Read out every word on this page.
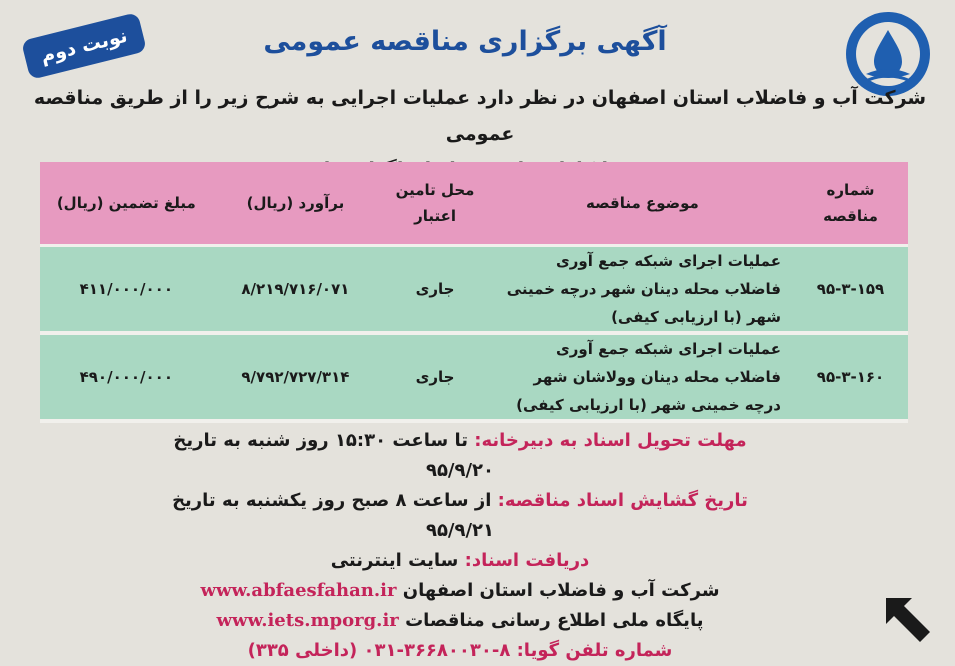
نوبت دوم	آگهی برگزاری مناقصه عمومی
شرکت آب و فاضلاب استان اصفهان در نظر دارد عملیات اجرایی به شرح زیر را از طریق مناقصه عمومی
شماره مناقصه	موضوع مناقصه	محل تامین اعتبار	برآورد (ریال)	مبلغ تضمین (ریال)
۹۵-۳-۱۵۹	عملیات اجرای شبکه جمع آوری فاضلاب محله دینان شهر درچه خمینی شهر (با ارزیابی کیفی)	جاری	۸/۲۱۹/۷۱۶/۰۷۱	۴۱۱/۰۰۰/۰۰۰
۹۵-۳-۱۶۰	عملیات اجرای شبکه جمع آوری فاضلاب محله دینان وولاشان شهر درچه خمینی شهر (با ارزیابی کیفی)	جاری	۹/۷۹۲/۷۲۷/۳۱۴	۴۹۰/۰۰۰/۰۰۰
مهلت تحویل اسناد به دبیرخانه: تا ساعت ۱۵:۳۰ روز شنبه به تاریخ ۹۵/۹/۲۰
تاریخ گشایش اسناد مناقصه: از ساعت ۸ صبح روز یکشنبه به تاریخ ۹۵/۹/۲۱
دریافت اسناد: سایت اینترنتی
شرکت آب و فاضلاب استان اصفهان www.abfaesfahan.ir
پایگاه ملی اطلاع رسانی مناقصات www.iets.mporg.ir
شماره تلفن گویا: ۸-۳۶۶۸۰۰۳۰-۰۳۱ (داخلی ۳۳۵)
